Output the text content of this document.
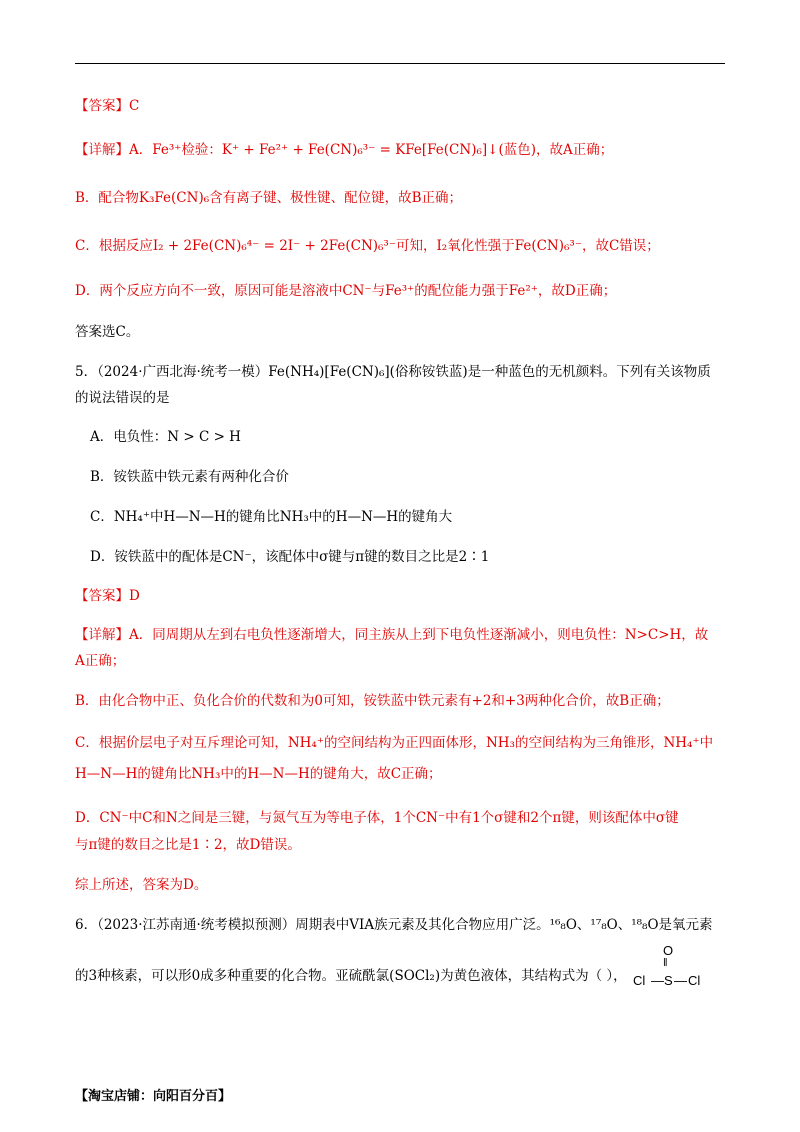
【答案】C
【详解】A．Fe³⁺检验：K⁺ + Fe²⁺ + Fe(CN)₆³⁻ = KFe[Fe(CN)₆]↓(蓝色)，故A正确；
B．配合物K₃Fe(CN)₆含有离子键、极性键、配位键，故B正确；
C．根据反应I₂ + 2Fe(CN)₆⁴⁻ = 2I⁻ + 2Fe(CN)₆³⁻可知，I₂氧化性强于Fe(CN)₆³⁻，故C错误；
D．两个反应方向不一致，原因可能是溶液中CN⁻与Fe³⁺的配位能力强于Fe²⁺，故D正确；
答案选C。
5．（2024·广西北海·统考一模）Fe(NH₄)[Fe(CN)₆](俗称铵铁蓝)是一种蓝色的无机颜料。下列有关该物质
的说法错误的是
A．电负性：N > C > H
B．铵铁蓝中铁元素有两种化合价
C．NH₄⁺中H—N—H的键角比NH₃中的H—N—H的键角大
D．铵铁蓝中的配体是CN⁻，该配体中σ键与π键的数目之比是2∶1
【答案】D
【详解】A．同周期从左到右电负性逐渐增大，同主族从上到下电负性逐渐减小，则电负性：N>C>H，故
A正确；
B．由化合物中正、负化合价的代数和为0可知，铵铁蓝中铁元素有+2和+3两种化合价，故B正确；
C．根据价层电子对互斥理论可知，NH₄⁺的空间结构为正四面体形，NH₃的空间结构为三角锥形，NH₄⁺中
H—N—H的键角比NH₃中的H—N—H的键角大，故C正确；
D．CN⁻中C和N之间是三键，与氮气互为等电子体，1个CN⁻中有1个σ键和2个π键，则该配体中σ键
与π键的数目之比是1∶2，故D错误。
综上所述，答案为D。
6．（2023·江苏南通·统考模拟预测）周期表中VIA族元素及其化合物应用广泛。¹⁶₈O、¹⁷₈O、¹⁸₈O是氧元素
的3种核素，可以形0成多种重要的化合物。亚硫酰氯(SOCl₂)为黄色液体，其结构式为（ ），
O
‖
Cl — S — Cl
【淘宝店铺：向阳百分百】
